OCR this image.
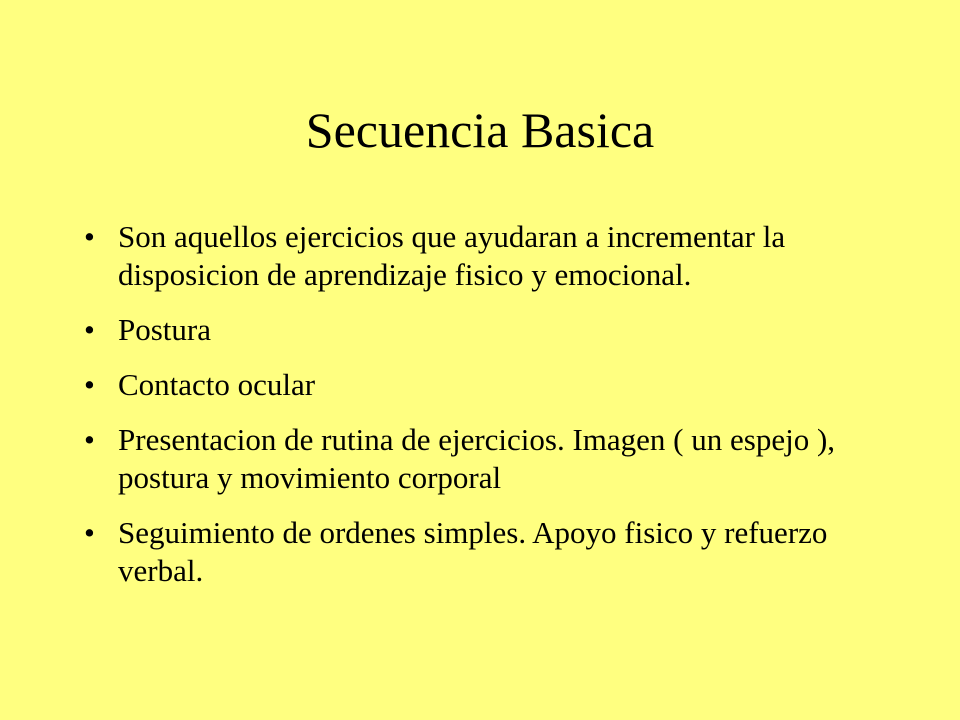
Secuencia Basica
• Son aquellos ejercicios que ayudaran a incrementar la disposicion de aprendizaje fisico y emocional.
• Postura
• Contacto ocular
• Presentacion de rutina de ejercicios. Imagen ( un espejo ), postura y movimiento corporal
• Seguimiento de ordenes simples. Apoyo fisico y refuerzo verbal.
